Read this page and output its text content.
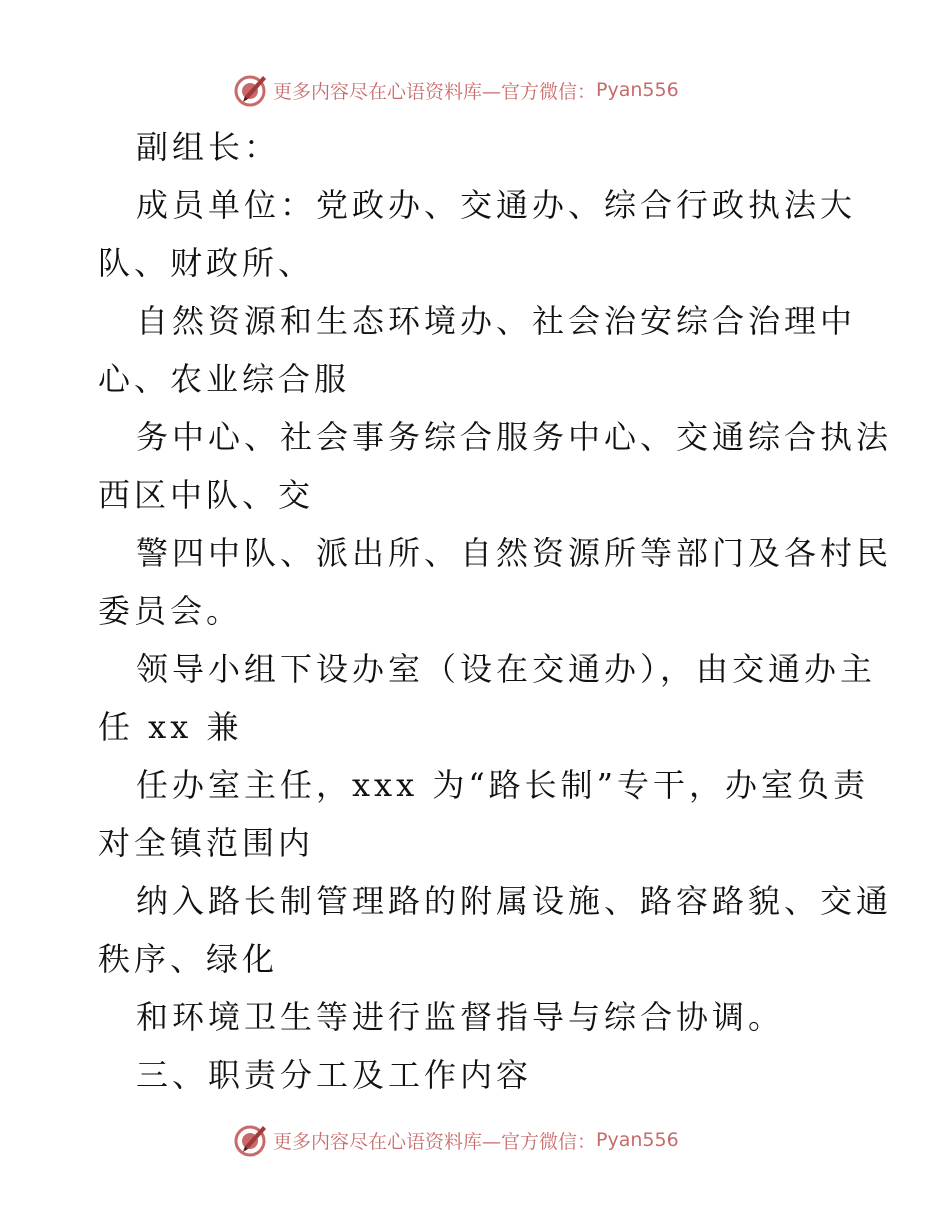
更多内容尽在心语资料库—官方微信： Pyan556
副组长：
成员单位：党政办、交通办、综合行政执法大
队、财政所、
自然资源和生态环境办、社会治安综合治理中
心、农业综合服
务中心、社会事务综合服务中心、交通综合执法
西区中队、交
警四中队、派出所、自然资源所等部门及各村民
委员会。
领导小组下设办室（设在交通办），由交通办主
任 xx 兼
任办室主任，xxx 为“路长制”专干，办室负责
对全镇范围内
纳入路长制管理路的附属设施、路容路貌、交通
秩序、绿化
和环境卫生等进行监督指导与综合协调。
三、职责分工及工作内容
更多内容尽在心语资料库—官方微信： Pyan556
